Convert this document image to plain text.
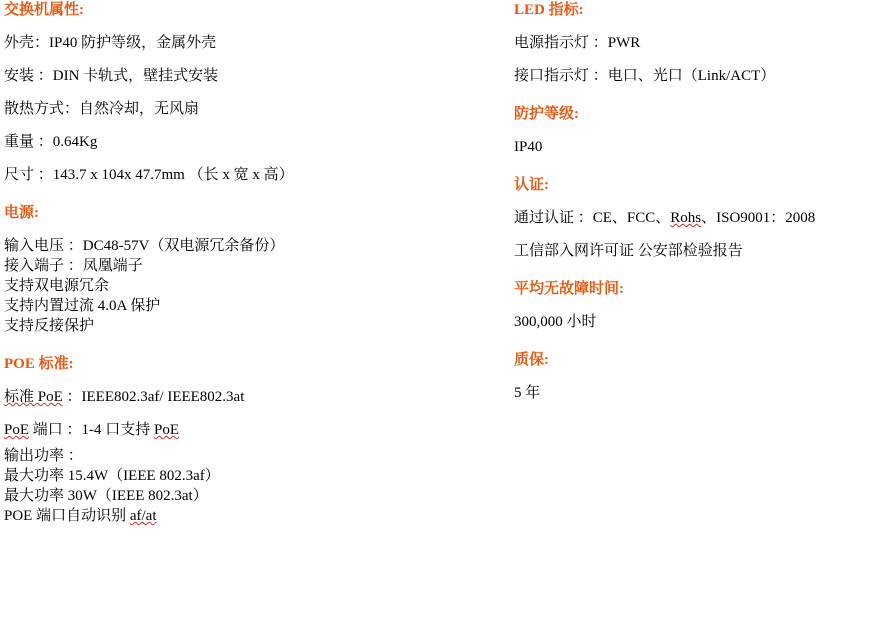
交换机属性:

外壳：IP40 防护等级，金属外壳

安装 ：DIN 卡轨式，壁挂式安装

散热方式：自然冷却，无风扇

重量 ：0.64Kg

尺寸 ：143.7 x 104x 47.7mm （长 x 宽 x 高）

电源:

输入电压 ：DC48-57V（双电源冗余备份）

接入端子 ：凤凰端子

支持双电源冗余

支持内置过流 4.0A 保护

支持反接保护

POE 标准:

标准 PoE ：IEEE802.3af/ IEEE802.3at

PoE 端口 ：1-4 口支持 PoE

输出功率 ：

最大功率 15.4W（IEEE 802.3af）

最大功率 30W（IEEE 802.3at）

POE 端口自动识别 af/at

LED 指标:

电源指示灯 ：PWR

接口指示灯 ：电口、光口（Link/ACT）

防护等级:

IP40

认证:

通过认证 ：CE、FCC、Rohs、ISO9001：2008

工信部入网许可证 公安部检验报告

平均无故障时间:

300,000 小时

质保:

5 年
